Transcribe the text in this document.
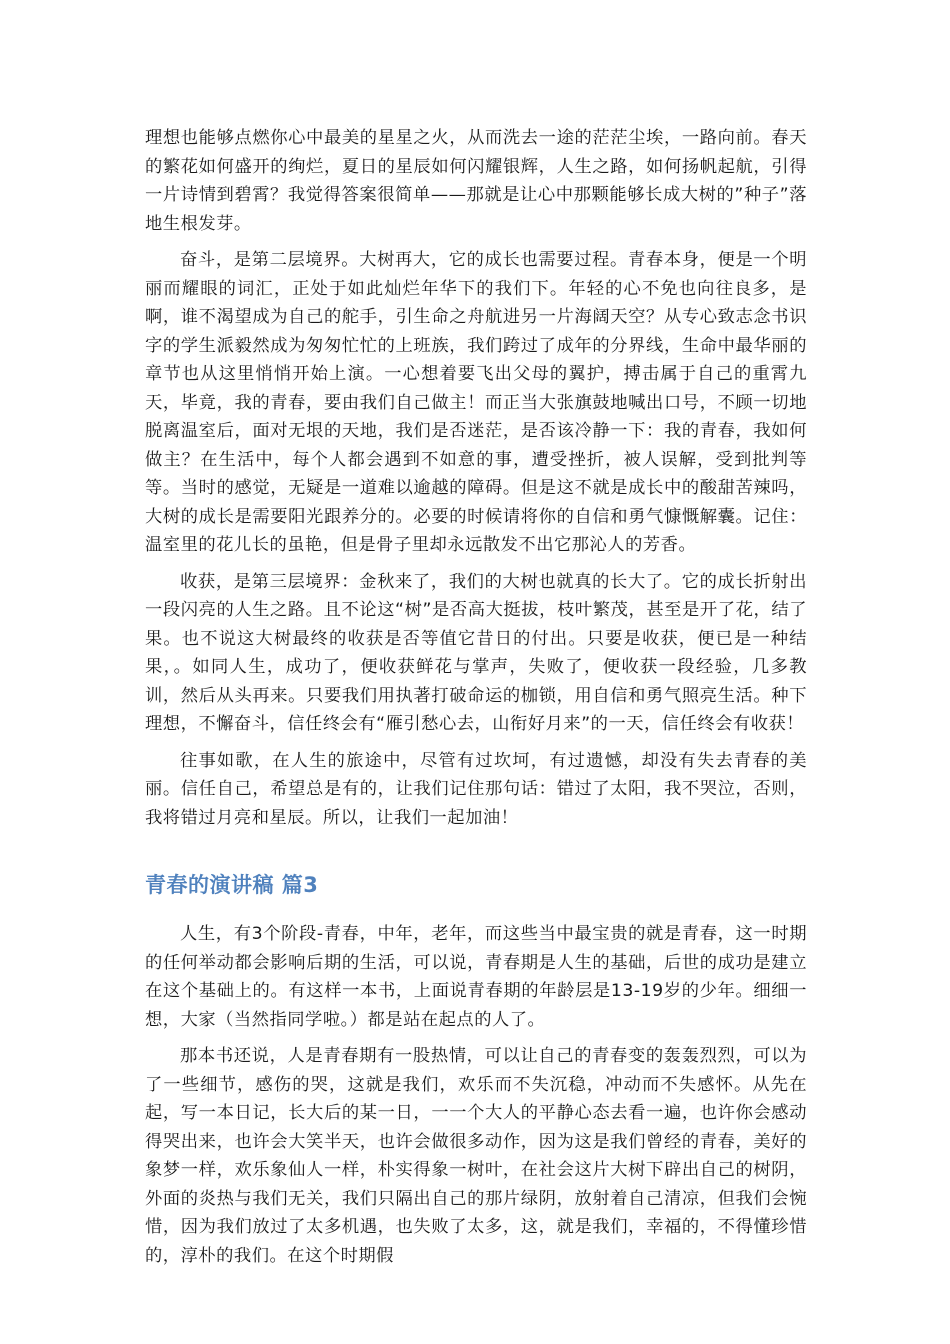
理想也能够点燃你心中最美的星星之火，从而洗去一途的茫茫尘埃，一路向前。春天的繁花如何盛开的绚烂，夏日的星辰如何闪耀银辉，人生之路，如何扬帆起航，引得一片诗情到碧霄？我觉得答案很简单——那就是让心中那颗能够长成大树的”种子”落地生根发芽。

奋斗，是第二层境界。大树再大，它的成长也需要过程。青春本身，便是一个明丽而耀眼的词汇，正处于如此灿烂年华下的我们下。年轻的心不免也向往良多，是啊，谁不渴望成为自己的舵手，引生命之舟航进另一片海阔天空？从专心致志念书识字的学生派毅然成为匆匆忙忙的上班族，我们跨过了成年的分界线，生命中最华丽的章节也从这里悄悄开始上演。一心想着要飞出父母的翼护，搏击属于自己的重霄九天，毕竟，我的青春，要由我们自己做主！而正当大张旗鼓地喊出口号，不顾一切地脱离温室后，面对无垠的天地，我们是否迷茫，是否该冷静一下：我的青春，我如何做主？在生活中，每个人都会遇到不如意的事，遭受挫折，被人误解，受到批判等等。当时的感觉，无疑是一道难以逾越的障碍。但是这不就是成长中的酸甜苦辣吗，大树的成长是需要阳光跟养分的。必要的时候请将你的自信和勇气慷慨解囊。记住：温室里的花儿长的虽艳，但是骨子里却永远散发不出它那沁人的芳香。

收获，是第三层境界：金秋来了，我们的大树也就真的长大了。它的成长折射出一段闪亮的人生之路。且不论这“树”是否高大挺拔，枝叶繁茂，甚至是开了花，结了果。也不说这大树最终的收获是否等值它昔日的付出。只要是收获，便已是一种结果，。如同人生，成功了，便收获鲜花与掌声，失败了，便收获一段经验，几多教训，然后从头再来。只要我们用执著打破命运的枷锁，用自信和勇气照亮生活。种下理想，不懈奋斗，信任终会有“雁引愁心去，山衔好月来”的一天，信任终会有收获！

往事如歌，在人生的旅途中，尽管有过坎坷，有过遗憾，却没有失去青春的美丽。信任自己，希望总是有的，让我们记住那句话：错过了太阳，我不哭泣，否则，我将错过月亮和星辰。所以，让我们一起加油！

青春的演讲稿 篇3

人生，有3个阶段-青春，中年，老年，而这些当中最宝贵的就是青春，这一时期的任何举动都会影响后期的生活，可以说，青春期是人生的基础，后世的成功是建立在这个基础上的。有这样一本书，上面说青春期的年龄层是13-19岁的少年。细细一想，大家（当然指同学啦。）都是站在起点的人了。

那本书还说，人是青春期有一股热情，可以让自己的青春变的轰轰烈烈，可以为了一些细节，感伤的哭，这就是我们，欢乐而不失沉稳，冲动而不失感怀。从先在起，写一本日记，长大后的某一日，一一个大人的平静心态去看一遍，也许你会感动得哭出来，也许会大笑半天，也许会做很多动作，因为这是我们曾经的青春，美好的象梦一样，欢乐象仙人一样，朴实得象一树叶，在社会这片大树下辟出自己的树阴，外面的炎热与我们无关，我们只隔出自己的那片绿阴，放射着自己清凉，但我们会惋惜，因为我们放过了太多机遇，也失败了太多，这，就是我们，幸福的，不得懂珍惜的，淳朴的我们。在这个时期假
